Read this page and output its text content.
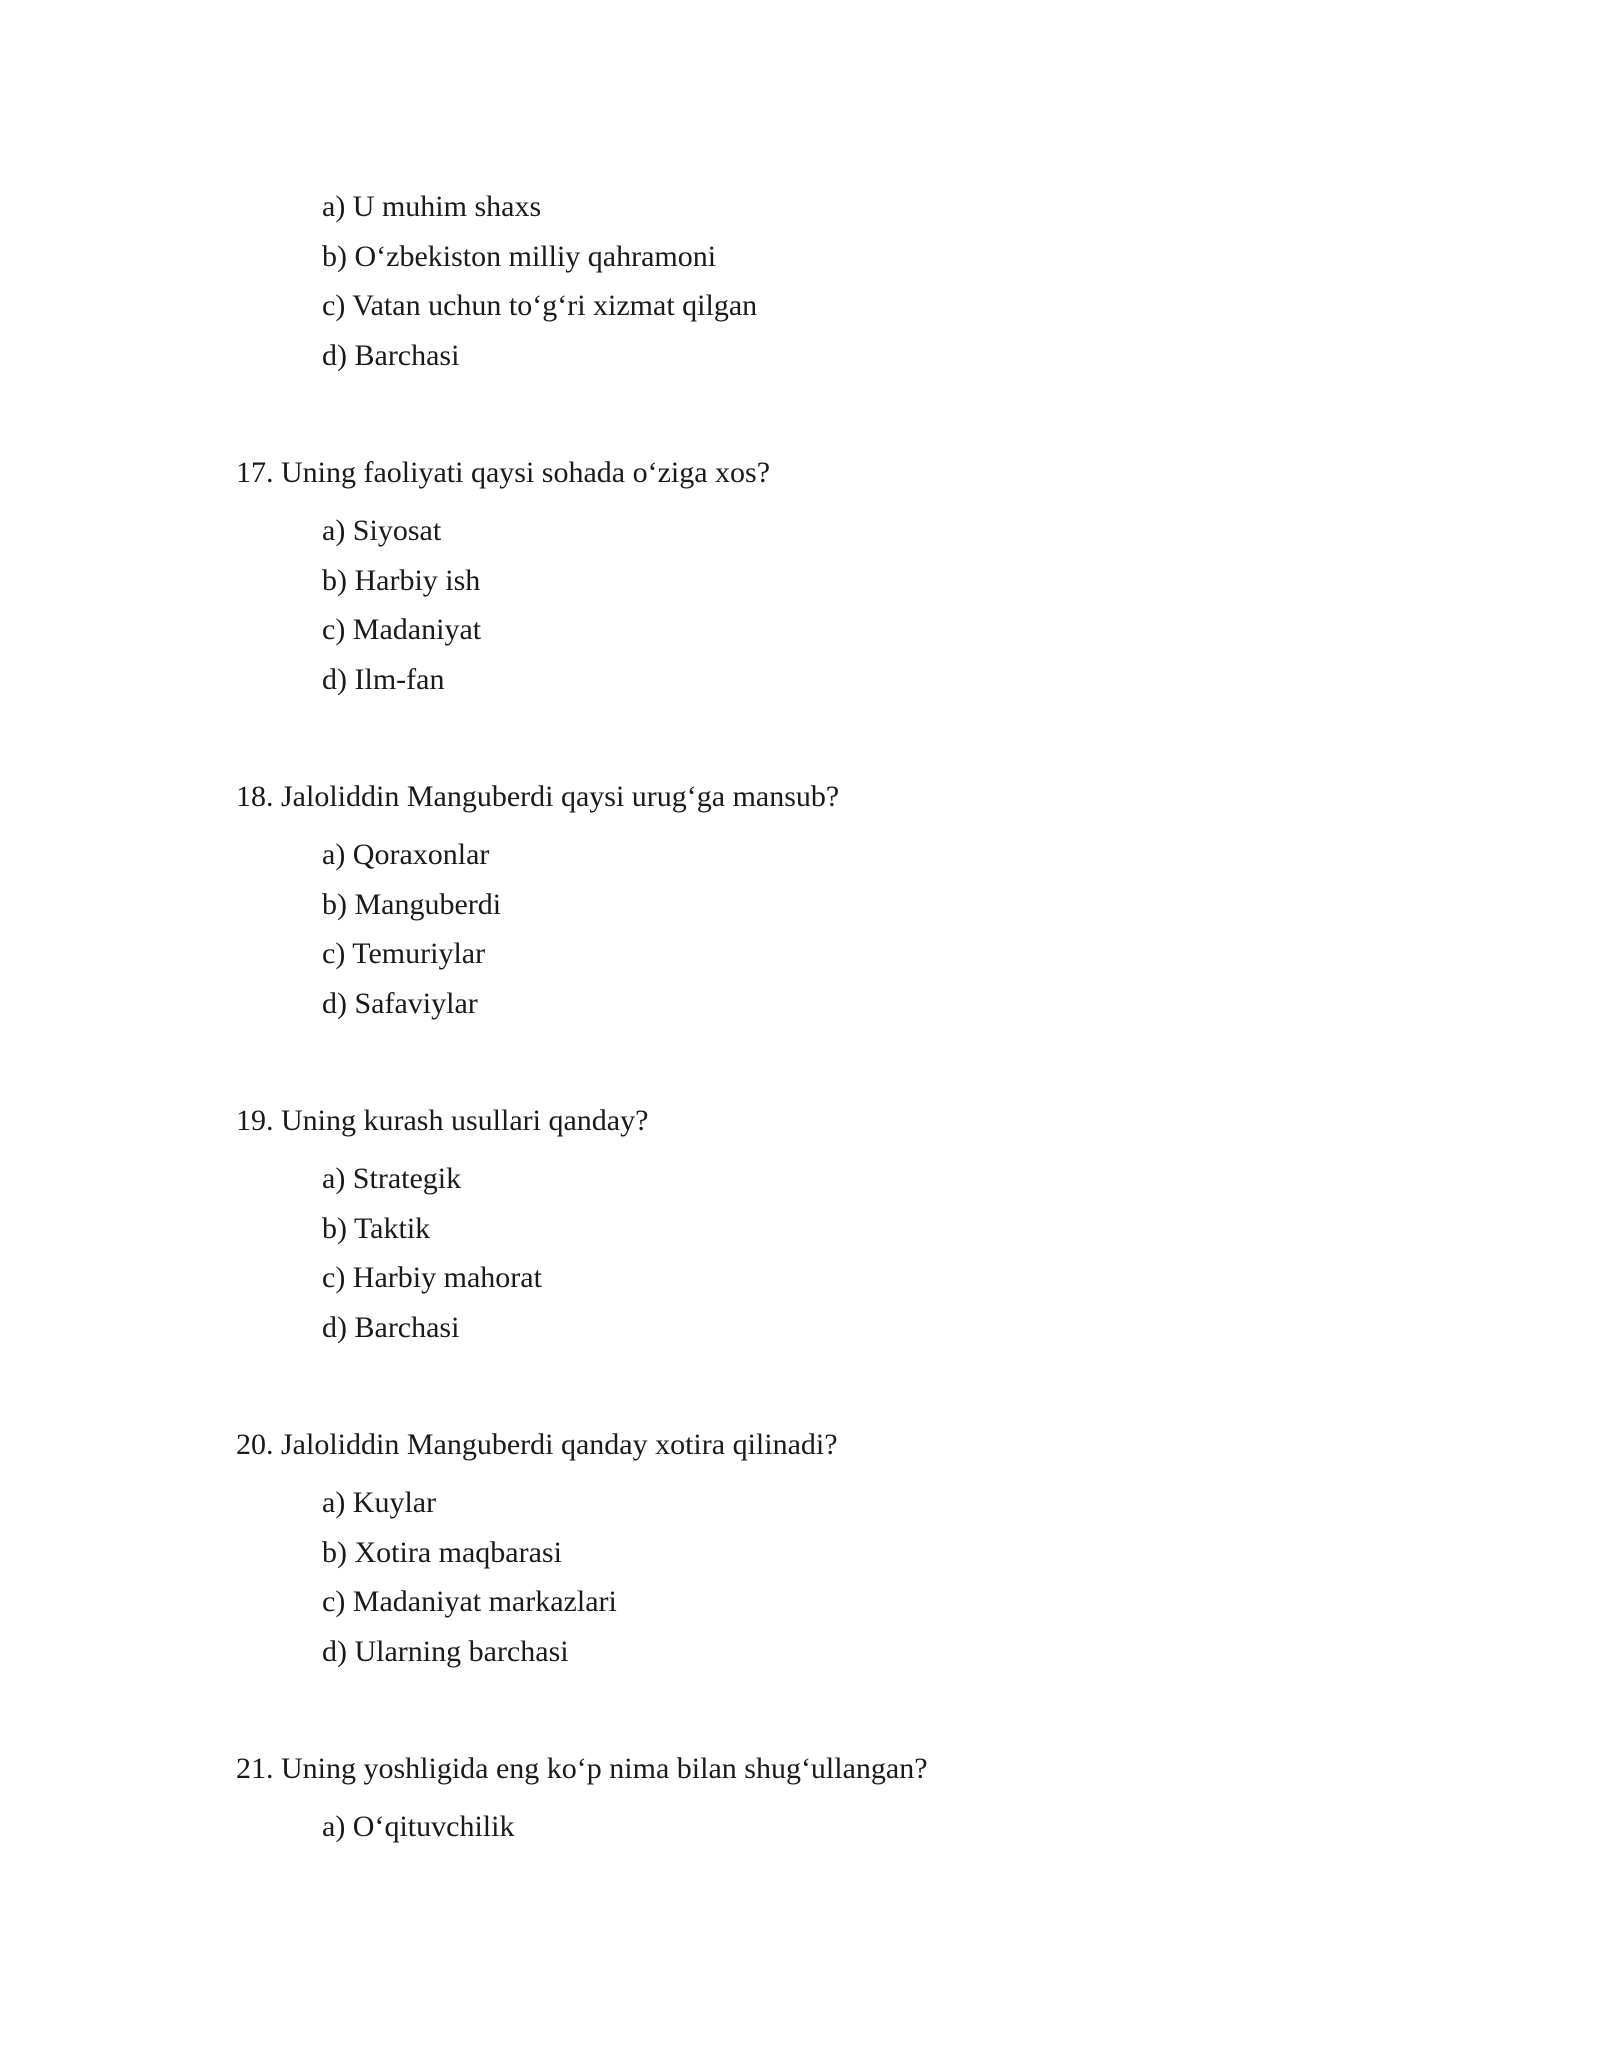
a) U muhim shaxs
b) O‘zbekiston milliy qahramoni
c) Vatan uchun to‘g‘ri xizmat qilgan
d) Barchasi
17. Uning faoliyati qaysi sohada o‘ziga xos?
a) Siyosat
b) Harbiy ish
c) Madaniyat
d) Ilm-fan
18. Jaloliddin Manguberdi qaysi urug‘ga mansub?
a) Qoraxonlar
b) Manguberdi
c) Temuriylar
d) Safaviylar
19. Uning kurash usullari qanday?
a) Strategik
b) Taktik
c) Harbiy mahorat
d) Barchasi
20. Jaloliddin Manguberdi qanday xotira qilinadi?
a) Kuylar
b) Xotira maqbarasi
c) Madaniyat markazlari
d) Ularning barchasi
21. Uning yoshligida eng ko‘p nima bilan shug‘ullangan?
a) O‘qituvchilik
